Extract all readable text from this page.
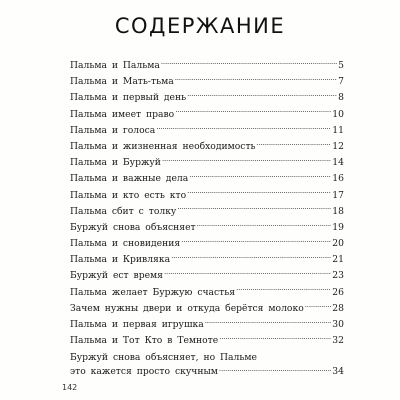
СОДЕРЖАНИЕ
Пальма и Пальма . . .	5
Пальма и Мать-тьма . . .	7
Пальма и первый день . . .	8
Пальма имеет право . . .	10
Пальма и голоса . . .	11
Пальма и жизненная необходимость . . .	12
Пальма и Буржуй . . .	14
Пальма и важные дела . . .	16
Пальма и кто есть кто . . .	17
Пальма сбит с толку . . .	18
Буржуй снова объясняет . . .	19
Пальма и сновидения . . .	20
Пальма и Кривляка . . .	21
Буржуй ест время . . .	23
Пальма желает Буржую счастья . . .	26
Зачем нужны двери и откуда берётся молоко . . .	28
Пальма и первая игрушка . . .	30
Пальма и Тот Кто в Темноте . . .	32
Буржуй снова объясняет, но Пальме
это кажется просто скучным . . .	34
142
